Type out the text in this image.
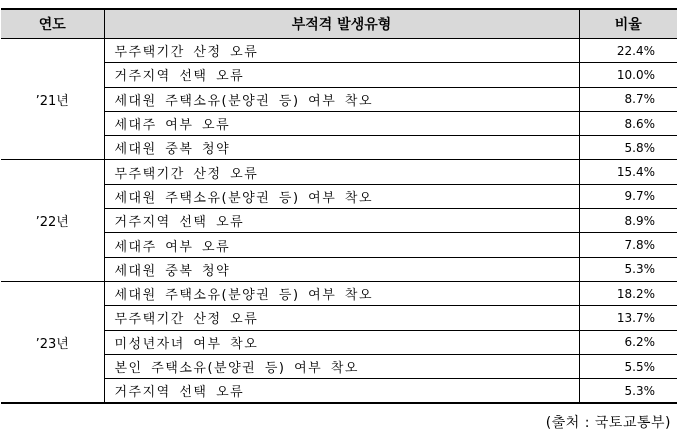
연도	부적격 발생유형	비율
’21년	무주택기간 산정 오류	22.4%
	거주지역 선택 오류	10.0%
	세대원 주택소유(분양권 등) 여부 착오	8.7%
	세대주 여부 오류	8.6%
	세대원 중복 청약	5.8%
’22년	무주택기간 산정 오류	15.4%
	세대원 주택소유(분양권 등) 여부 착오	9.7%
	거주지역 선택 오류	8.9%
	세대주 여부 오류	7.8%
	세대원 중복 청약	5.3%
’23년	세대원 주택소유(분양권 등) 여부 착오	18.2%
	무주택기간 산정 오류	13.7%
	미성년자녀 여부 착오	6.2%
	본인 주택소유(분양권 등) 여부 착오	5.5%
	거주지역 선택 오류	5.3%
(출처 : 국토교통부)
